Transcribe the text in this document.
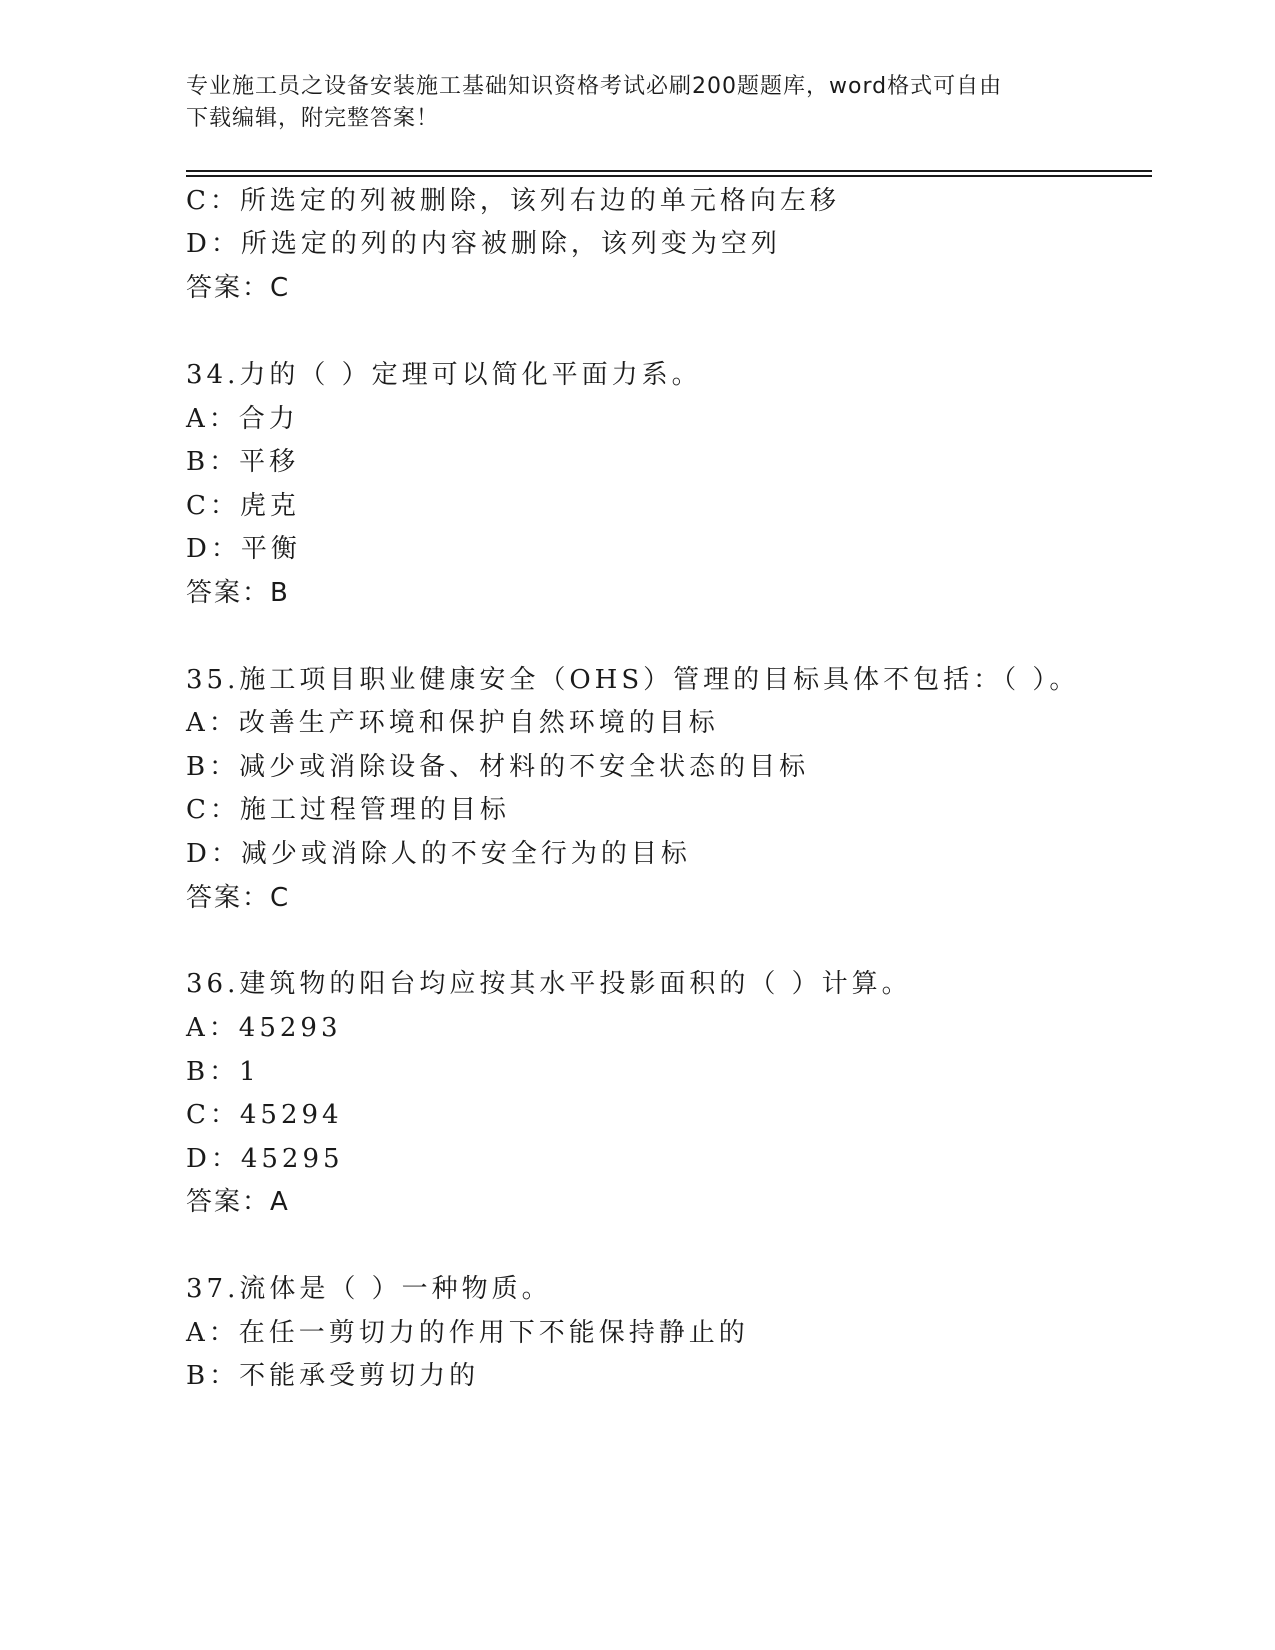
专业施工员之设备安装施工基础知识资格考试必刷200题题库，word格式可自由
下载编辑，附完整答案！
C：所选定的列被删除，该列右边的单元格向左移
D：所选定的列的内容被删除，该列变为空列
答案：C
34.力的（ ）定理可以简化平面力系。
A：合力
B：平移
C：虎克
D：平衡
答案：B
35.施工项目职业健康安全（OHS）管理的目标具体不包括：（ ）。
A：改善生产环境和保护自然环境的目标
B：减少或消除设备、材料的不安全状态的目标
C：施工过程管理的目标
D：减少或消除人的不安全行为的目标
答案：C
36.建筑物的阳台均应按其水平投影面积的（ ）计算。
A：45293
B：1
C：45294
D：45295
答案：A
37.流体是（ ）一种物质。
A：在任一剪切力的作用下不能保持静止的
B：不能承受剪切力的
